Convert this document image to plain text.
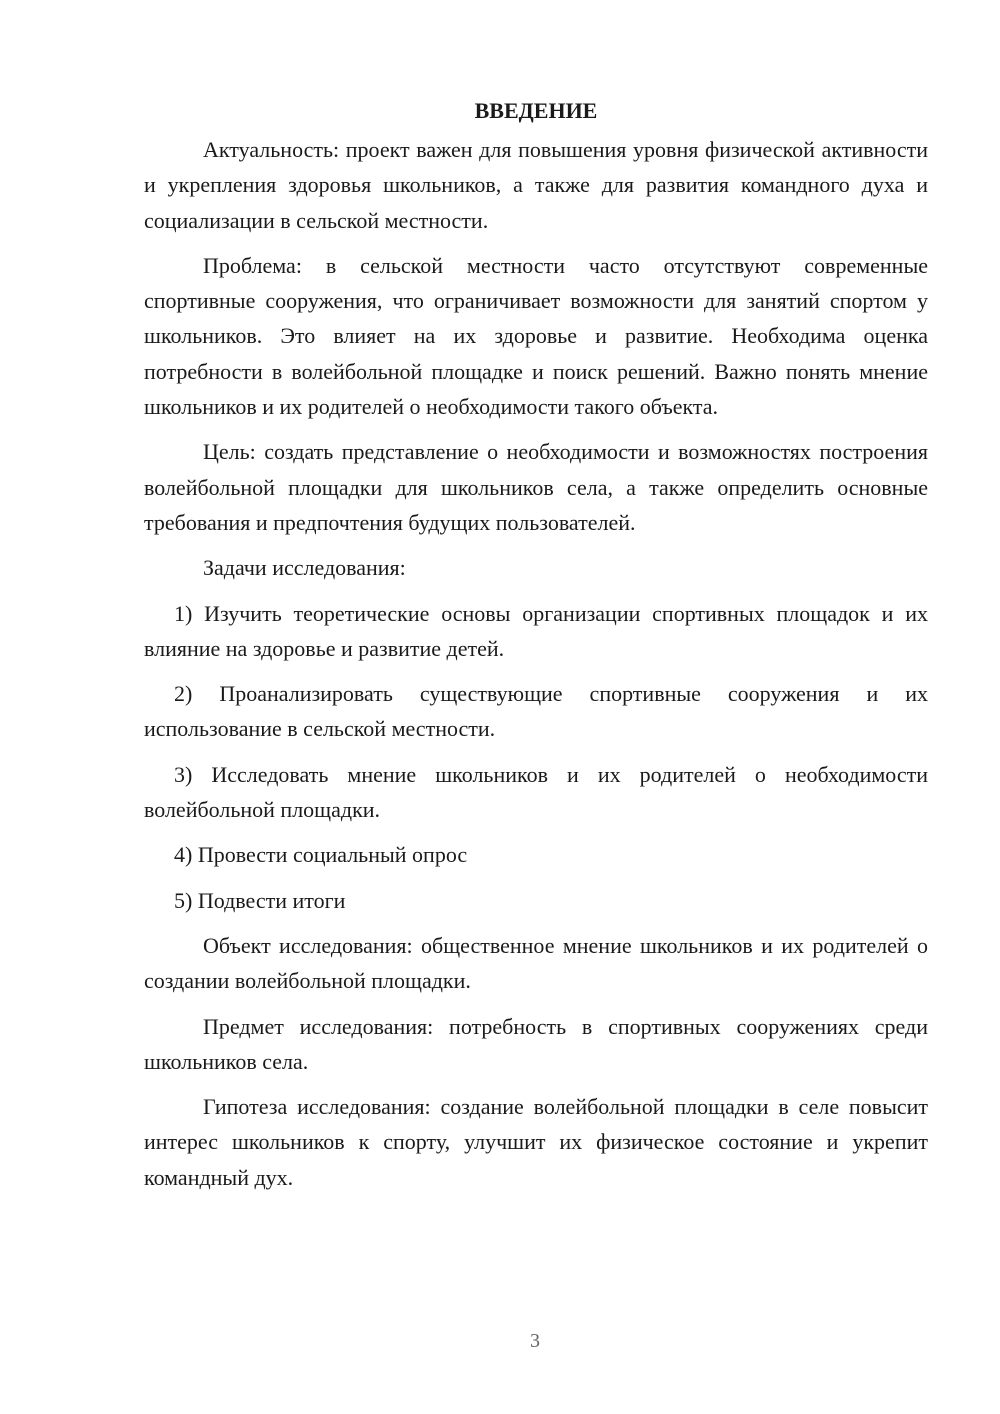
ВВЕДЕНИЕ

Актуальность: проект важен для повышения уровня физической активности и укрепления здоровья школьников, а также для развития командного духа и социализации в сельской местности.

Проблема: в сельской местности часто отсутствуют современные спортивные сооружения, что ограничивает возможности для занятий спортом у школьников. Это влияет на их здоровье и развитие. Необходима оценка потребности в волейбольной площадке и поиск решений. Важно понять мнение школьников и их родителей о необходимости такого объекта.

Цель: создать представление о необходимости и возможностях построения волейбольной площадки для школьников села, а также определить основные требования и предпочтения будущих пользователей.

Задачи исследования:

1) Изучить теоретические основы организации спортивных площадок и их влияние на здоровье и развитие детей.

2) Проанализировать существующие спортивные сооружения и их использование в сельской местности.

3) Исследовать мнение школьников и их родителей о необходимости волейбольной площадки.

4) Провести социальный опрос

5) Подвести итоги

Объект исследования: общественное мнение школьников и их родителей о создании волейбольной площадки.

Предмет исследования: потребность в спортивных сооружениях среди школьников села.

Гипотеза исследования: создание волейбольной площадки в селе повысит интерес школьников к спорту, улучшит их физическое состояние и укрепит командный дух.

3
